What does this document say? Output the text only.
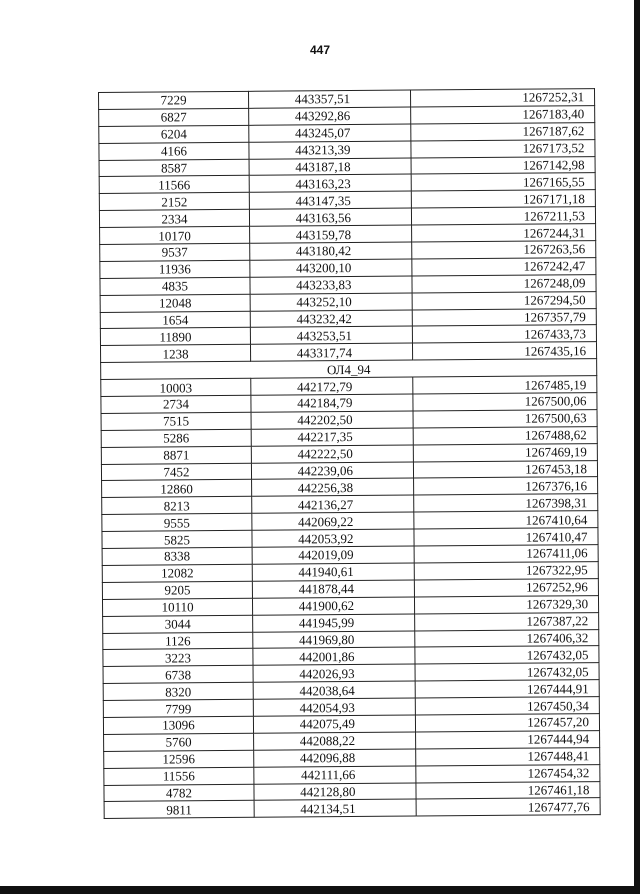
447
7229	443357,51	1267252,31
6827	443292,86	1267183,40
6204	443245,07	1267187,62
4166	443213,39	1267173,52
8587	443187,18	1267142,98
11566	443163,23	1267165,55
2152	443147,35	1267171,18
2334	443163,56	1267211,53
10170	443159,78	1267244,31
9537	443180,42	1267263,56
11936	443200,10	1267242,47
4835	443233,83	1267248,09
12048	443252,10	1267294,50
1654	443232,42	1267357,79
11890	443253,51	1267433,73
1238	443317,74	1267435,16
ОЛ4_94		
10003	442172,79	1267485,19
2734	442184,79	1267500,06
7515	442202,50	1267500,63
5286	442217,35	1267488,62
8871	442222,50	1267469,19
7452	442239,06	1267453,18
12860	442256,38	1267376,16
8213	442136,27	1267398,31
9555	442069,22	1267410,64
5825	442053,92	1267410,47
8338	442019,09	1267411,06
12082	441940,61	1267322,95
9205	441878,44	1267252,96
10110	441900,62	1267329,30
3044	441945,99	1267387,22
1126	441969,80	1267406,32
3223	442001,86	1267432,05
6738	442026,93	1267432,05
8320	442038,64	1267444,91
7799	442054,93	1267450,34
13096	442075,49	1267457,20
5760	442088,22	1267444,94
12596	442096,88	1267448,41
11556	442111,66	1267454,32
4782	442128,80	1267461,18
9811	442134,51	1267477,76
